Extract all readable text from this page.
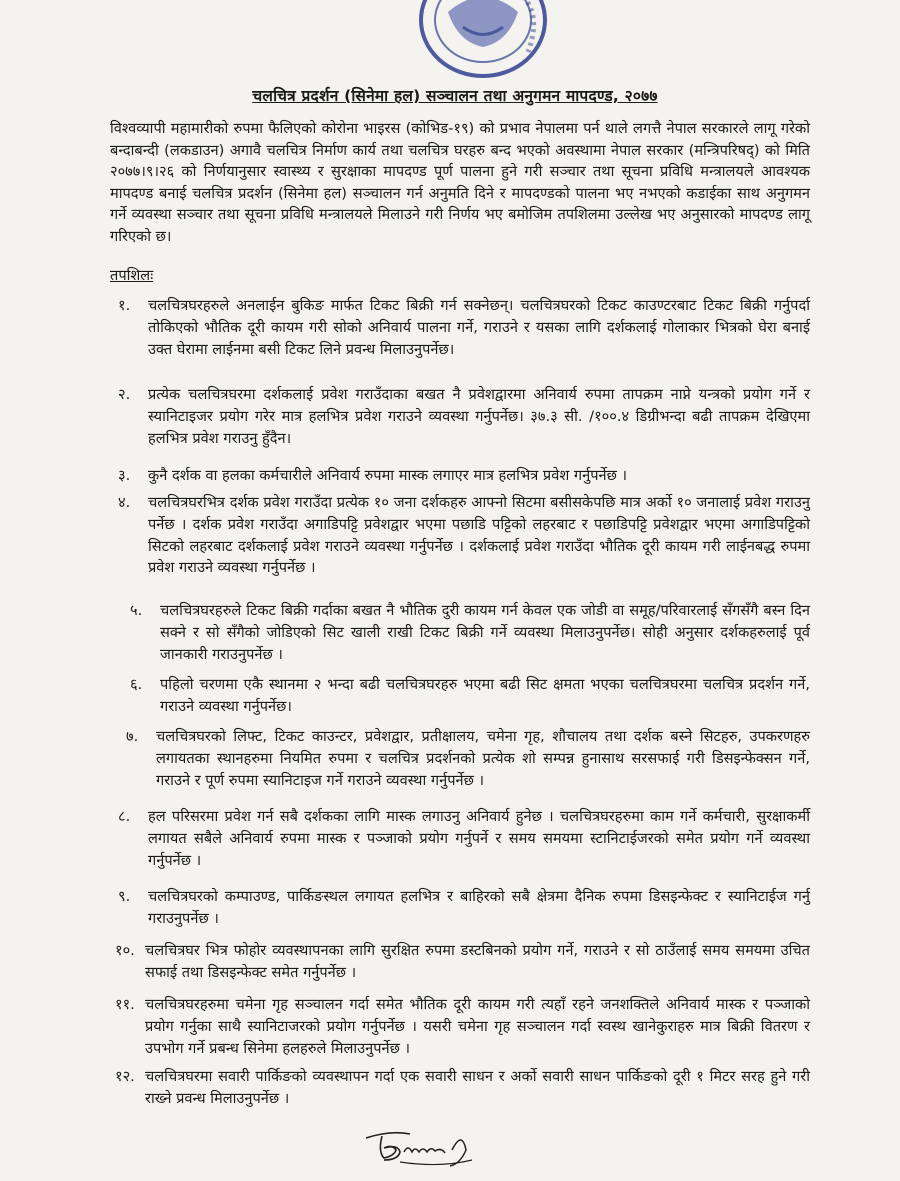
चलचित्र प्रदर्शन (सिनेमा हल) सञ्चालन तथा अनुगमन मापदण्ड, २०७७
विश्वव्यापी महामारीको रुपमा फैलिएको कोरोना भाइरस (कोभिड-१९) को प्रभाव नेपालमा पर्न थाले लगत्तै नेपाल सरकारले लागू गरेको बन्दाबन्दी (लकडाउन) अगावै चलचित्र निर्माण कार्य तथा चलचित्र घरहरु बन्द भएको अवस्थामा नेपाल सरकार (मन्त्रिपरिषद्) को मिति २०७७।९।२६ को निर्णयानुसार स्वास्थ्य र सुरक्षाका मापदण्ड पूर्ण पालना हुने गरी सञ्चार तथा सूचना प्रविधि मन्त्रालयले आवश्यक मापदण्ड बनाई चलचित्र प्रदर्शन (सिनेमा हल) सञ्चालन गर्न अनुमति दिने र मापदण्डको पालना भए नभएको कडाईका साथ अनुगमन गर्ने व्यवस्था सञ्चार तथा सूचना प्रविधि मन्त्रालयले मिलाउने गरी निर्णय भए बमोजिम तपशिलमा उल्लेख भए अनुसारको मापदण्ड लागू गरिएको छ।
तपशिलः
१. चलचित्रघरहरुले अनलाईन बुकिङ मार्फत टिकट बिक्री गर्न सक्नेछन्। चलचित्रघरको टिकट काउण्टरबाट टिकट बिक्री गर्नुपर्दा तोकिएको भौतिक दूरी कायम गरी सोको अनिवार्य पालना गर्ने, गराउने र यसका लागि दर्शकलाई गोलाकार भित्रको घेरा बनाई उक्त घेरामा लाईनमा बसी टिकट लिने प्रवन्ध मिलाउनुपर्नेछ।
२. प्रत्येक चलचित्रघरमा दर्शकलाई प्रवेश गराउँदाका बखत नै प्रवेशद्वारमा अनिवार्य रुपमा तापक्रम नाप्ने यन्त्रको प्रयोग गर्ने र स्यानिटाइजर प्रयोग गरेर मात्र हलभित्र प्रवेश गराउने व्यवस्था गर्नुपर्नेछ। ३७.३ सी. /१००.४ डिग्रीभन्दा बढी तापक्रम देखिएमा हलभित्र प्रवेश गराउनु हुँदैन।
३. कुनै दर्शक वा हलका कर्मचारीले अनिवार्य रुपमा मास्क लगाएर मात्र हलभित्र प्रवेश गर्नुपर्नेछ ।
४. चलचित्रघरभित्र दर्शक प्रवेश गराउँदा प्रत्येक १० जना दर्शकहरु आफ्नो सिटमा बसीसकेपछि मात्र अर्को १० जनालाई प्रवेश गराउनु पर्नेछ । दर्शक प्रवेश गराउँदा अगाडिपट्टि प्रवेशद्वार भएमा पछाडि पट्टिको लहरबाट र पछाडिपट्टि प्रवेशद्वार भएमा अगाडिपट्टिको सिटको लहरबाट दर्शकलाई प्रवेश गराउने व्यवस्था गर्नुपर्नेछ । दर्शकलाई प्रवेश गराउँदा भौतिक दूरी कायम गरी लाईनबद्ध रुपमा प्रवेश गराउने व्यवस्था गर्नुपर्नेछ ।
५. चलचित्रघरहरुले टिकट बिक्री गर्दाका बखत नै भौतिक दुरी कायम गर्न केवल एक जोडी वा समूह/परिवारलाई सँगसँगै बस्न दिन सक्ने र सो सँगैको जोडिएको सिट खाली राखी टिकट बिक्री गर्ने व्यवस्था मिलाउनुपर्नेछ। सोही अनुसार दर्शकहरुलाई पूर्व जानकारी गराउनुपर्नेछ ।
६. पहिलो चरणमा एकै स्थानमा २ भन्दा बढी चलचित्रघरहरु भएमा बढी सिट क्षमता भएका चलचित्रघरमा चलचित्र प्रदर्शन गर्ने, गराउने व्यवस्था गर्नुपर्नेछ।
७. चलचित्रघरको लिफ्ट, टिकट काउन्टर, प्रवेशद्वार, प्रतीक्षालय, चमेना गृह, शौचालय तथा दर्शक बस्ने सिटहरु, उपकरणहरु लगायतका स्थानहरुमा नियमित रुपमा र चलचित्र प्रदर्शनको प्रत्येक शो सम्पन्न हुनासाथ सरसफाई गरी डिसइन्फेक्सन गर्ने, गराउने र पूर्ण रुपमा स्यानिटाइज गर्ने गराउने व्यवस्था गर्नुपर्नेछ ।
८. हल परिसरमा प्रवेश गर्न सबै दर्शकका लागि मास्क लगाउनु अनिवार्य हुनेछ । चलचित्रघरहरुमा काम गर्ने कर्मचारी, सुरक्षाकर्मी लगायत सबैले अनिवार्य रुपमा मास्क र पञ्जाको प्रयोग गर्नुपर्ने र समय समयमा स्टानिटाईजरको समेत प्रयोग गर्ने व्यवस्था गर्नुपर्नेछ ।
९. चलचित्रघरको कम्पाउण्ड, पार्किङस्थल लगायत हलभित्र र बाहिरको सबै क्षेत्रमा दैनिक रुपमा डिसइन्फेक्ट र स्यानिटाईज गर्नु गराउनुपर्नेछ ।
१०. चलचित्रघर भित्र फोहोर व्यवस्थापनका लागि सुरक्षित रुपमा डस्टबिनको प्रयोग गर्ने, गराउने र सो ठाउँलाई समय समयमा उचित सफाई तथा डिसइन्फेक्ट समेत गर्नुपर्नेछ ।
११. चलचित्रघरहरुमा चमेना गृह सञ्चालन गर्दा समेत भौतिक दूरी कायम गरी त्यहाँ रहने जनशक्तिले अनिवार्य मास्क र पञ्जाको प्रयोग गर्नुका साथै स्यानिटाजरको प्रयोग गर्नुपर्नेछ । यसरी चमेना गृह सञ्चालन गर्दा स्वस्थ खानेकुराहरु मात्र बिक्री वितरण र उपभोग गर्ने प्रबन्ध सिनेमा हलहरुले मिलाउनुपर्नेछ ।
१२. चलचित्रघरमा सवारी पार्किङको व्यवस्थापन गर्दा एक सवारी साधन र अर्को सवारी साधन पार्किङको दूरी १ मिटर सरह हुने गरी राख्ने प्रवन्ध मिलाउनुपर्नेछ ।
